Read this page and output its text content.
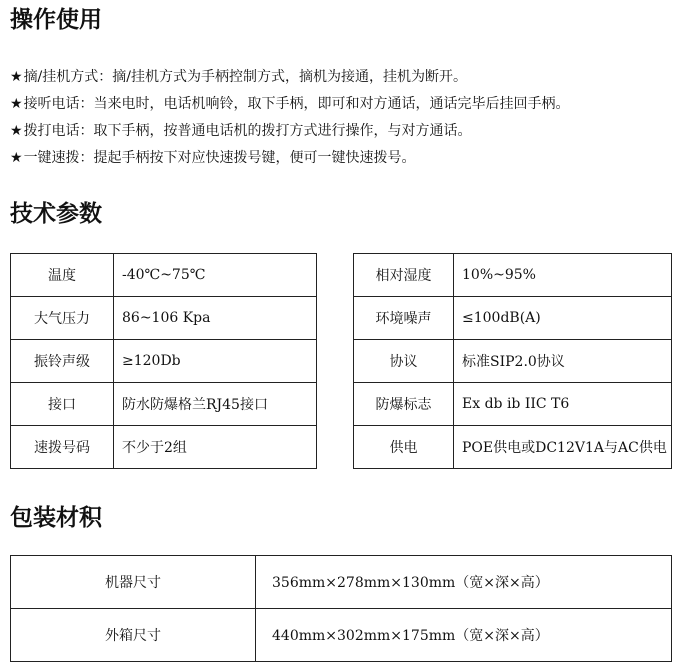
操作使用
★摘/挂机方式：摘/挂机方式为手柄控制方式，摘机为接通，挂机为断开。
★接听电话：当来电时，电话机响铃，取下手柄，即可和对方通话，通话完毕后挂回手柄。
★拨打电话：取下手柄，按普通电话机的拨打方式进行操作，与对方通话。
★一键速拨：提起手柄按下对应快速拨号键，便可一键快速拨号。
技术参数
温度	-40℃~75℃
大气压力	86~106 Kpa
振铃声级	≥120Db
接口	防水防爆格兰RJ45接口
速拨号码	不少于2组
相对湿度	10%~95%
环境噪声	≤100dB(A)
协议	标准SIP2.0协议
防爆标志	Ex db ib IIC T6
供电	POE供电或DC12V1A与AC供电
包装材积
机器尺寸	356mm×278mm×130mm（宽×深×高）
外箱尺寸	440mm×302mm×175mm（宽×深×高）
